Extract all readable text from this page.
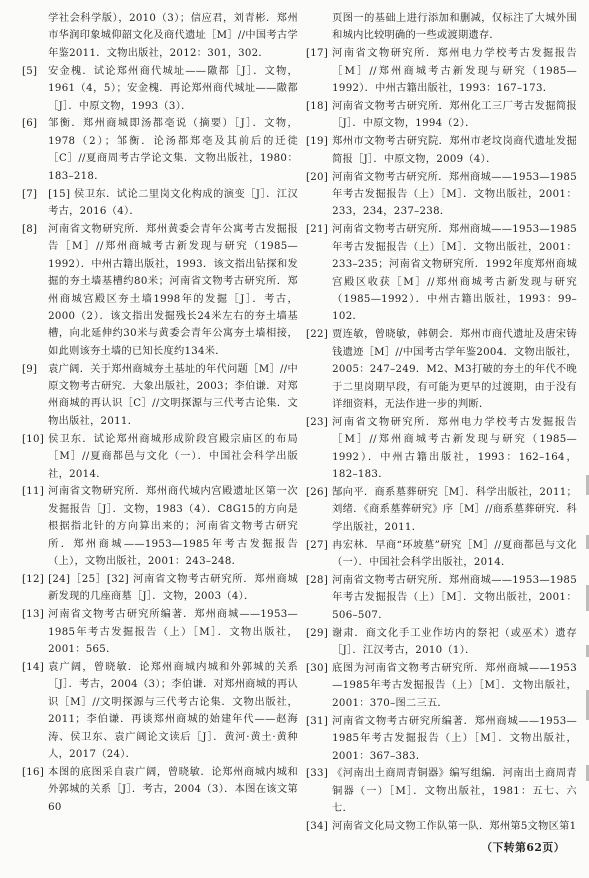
学社会科学版），2010（3）；信应君，刘青彬．郑州市华润印象城仰韶文化及商代遗址［M］//中国考古学年鉴2011．文物出版社，2012：301，302．
[5]	安金槐．试论郑州商代城址——隞都［J］．文物，1961（4，5）；安金槐．再论郑州商代城址——隞都［J］．中原文物，1993（3）．
[6]	邹衡．郑州商城即汤都亳说（摘要）［J］．文物，1978（2）；邹衡．论汤都郑亳及其前后的迁徙［C］//夏商周考古学论文集．文物出版社，1980：183–218．
[7]	[15] 侯卫东．试论二里岗文化构成的演变［J］．江汉考古，2016（4）．
[8]	河南省文物研究所．郑州黄委会青年公寓考古发掘报告［M］//郑州商城考古新发现与研究（1985—1992）．中州古籍出版社，1993．该文指出钻探和发掘的夯土墙基槽约80米；河南省文物考古研究所．郑州商城宫殿区夯土墙1998年的发掘［J］．考古，2000（2）．该文指出发掘残长24米左右的夯土墙基槽，向北延伸约30米与黄委会青年公寓夯土墙相接，如此则该夯土墙的已知长度约134米．
[9]	袁广阔．关于郑州商城夯土基址的年代问题［M］//中原文物考古研究．大象出版社，2003；李伯谦．对郑州商城的再认识［C］//文明探源与三代考古论集．文物出版社，2011．
[10] 侯卫东．试论郑州商城形成阶段宫殿宗庙区的布局［M］//夏商都邑与文化（一）．中国社会科学出版社，2014．
[11] 河南省文物研究所．郑州商代城内宫殿遗址区第一次发掘报告［J］．文物，1983（4）．C8G15的方向是根据指北针的方向算出来的；河南省文物考古研究所．郑州商城——1953—1985年考古发掘报告（上），文物出版社，2001：243–248．
[12] [24]［25］[32] 河南省文物考古研究所．郑州商城新发现的几座商墓［J］．文物，2003（4）．
[13] 河南省文物考古研究所编著．郑州商城——1953—1985年考古发掘报告（上）［M］．文物出版社，2001：565．
[14] 袁广阔，曾晓敏．论郑州商城内城和外郭城的关系［J］．考古，2004（3）；李伯谦．对郑州商城的再认识［M］//文明探源与三代考古论集．文物出版社，2011；李伯谦．再谈郑州商城的始建年代——赵海涛、侯卫东、袁广阔论文读后［J］．黄河·黄土·黄种人，2017（24）．
[16] 本图的底图采自袁广阔，曾晓敏．论郑州商城内城和外郭城的关系［J］．考古，2004（3）．本图在该文第60
页图一的基础上进行添加和删减，仅标注了大城外围和城内比较明确的一些或渡期遗存．
[17] 河南省文物研究所．郑州电力学校考古发掘报告［M］//郑州商城考古新发现与研究（1985—1992）．中州古籍出版社，1993：167–173．
[18] 河南省文物考古研究所．郑州化工三厂考古发掘简报［J］．中原文物，1994（2）．
[19] 郑州市文物考古研究院．郑州市老坟岗商代遗址发掘简报［J］．中原文物，2009（4）．
[20] 河南省文物考古研究所．郑州商城——1953—1985年考古发掘报告（上）［M］．文物出版社，2001：233，234，237–238．
[21] 河南省文物考古研究所．郑州商城——1953—1985年考古发掘报告（上）［M］．文物出版社，2001：233–235；河南省文物研究所．1992年度郑州商城宫殿区收获［M］//郑州商城考古新发现与研究（1985—1992）．中州古籍出版社，1993：99–102．
[22] 贾连敏，曾晓敏，韩朝会．郑州市商代遗址及唐宋铸钱遗迹［M］//中国考古学年鉴2004．文物出版社，2005：247–249．M2、M3打破的夯土的年代不晚于二里岗期早段，有可能为更早的过渡期，由于没有详细资料，无法作进一步的判断．
[23] 河南省文物研究所．郑州电力学校考古发掘报告［M］//郑州商城考古新发现与研究（1985—1992）．中州古籍出版社，1993：162–164，182–183．
[26] 郜向平．商系墓葬研究［M］．科学出版社，2011；刘绪．《商系墓葬研究》序［M］//商系墓葬研究．科学出版社，2011．
[27] 冉宏林．早商“环坡墓”研究［M］//夏商都邑与文化（一）．中国社会科学出版社，2014．
[28] 河南省文物考古研究所．郑州商城——1953—1985年考古发掘报告（上）［M］．文物出版社，2001：506–507．
[29] 谢肃．商文化手工业作坊内的祭祀（或巫术）遗存［J］．江汉考古，2010（1）．
[30] 底图为河南省文物考古研究所．郑州商城——1953—1985年考古发掘报告（上）［M］．文物出版社，2001：370–图二三五．
[31] 河南省文物考古研究所编著．郑州商城——1953—1985年考古发掘报告（上）［M］．文物出版社，2001：367–383．
[33] 《河南出土商周青铜器》编写组编．河南出土商周青铜器（一）［M］．文物出版社，1981：五七、六七．
[34] 河南省文化局文物工作队第一队．郑州第5文物区第1
（下转第62页）
